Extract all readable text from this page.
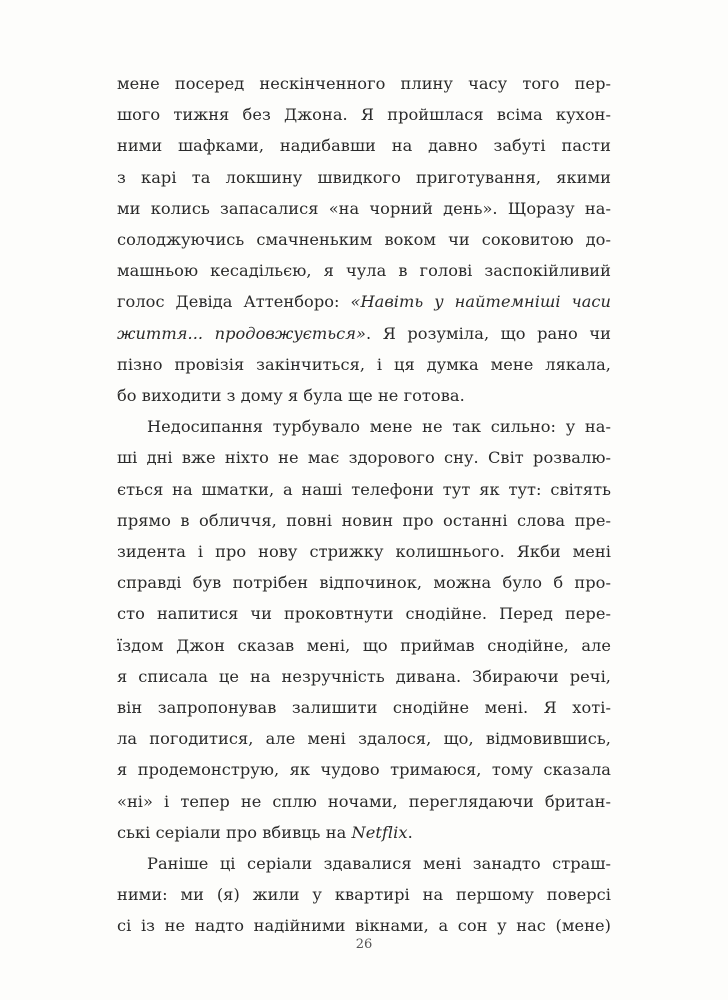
мене посеред нескінченного плину часу того пер-
шого тижня без Джона. Я пройшлася всіма кухон-
ними шафками, надибавши на давно забуті пасти
з карі та локшину швидкого приготування, якими
ми колись запасалися «на чорний день». Щоразу на-
солоджуючись смачненьким воком чи соковитою до-
машньою кесадільєю, я чула в голові заспокійливий
голос Девіда Аттенборо: «Навіть у найтемніші часи
життя... продовжується». Я розуміла, що рано чи
пізно провізія закінчиться, і ця думка мене лякала,
бо виходити з дому я була ще не готова.
Недосипання турбувало мене не так сильно: у на-
ші дні вже ніхто не має здорового сну. Світ розвалю-
ється на шматки, а наші телефони тут як тут: світять
прямо в обличчя, повні новин про останні слова пре-
зидента і про нову стрижку колишнього. Якби мені
справді був потрібен відпочинок, можна було б про-
сто напитися чи проковтнути снодійне. Перед пере-
їздом Джон сказав мені, що приймав снодійне, але
я списала це на незручність дивана. Збираючи речі,
він запропонував залишити снодійне мені. Я хоті-
ла погодитися, але мені здалося, що, відмовившись,
я продемонструю, як чудово тримаюся, тому сказала
«ні» і тепер не сплю ночами, переглядаючи британ-
ські серіали про вбивць на Netflix.
Раніше ці серіали здавалися мені занадто страш-
ними: ми (я) жили у квартирі на першому поверсі
сі із не надто надійними вікнами, а сон у нас (мене)
26
